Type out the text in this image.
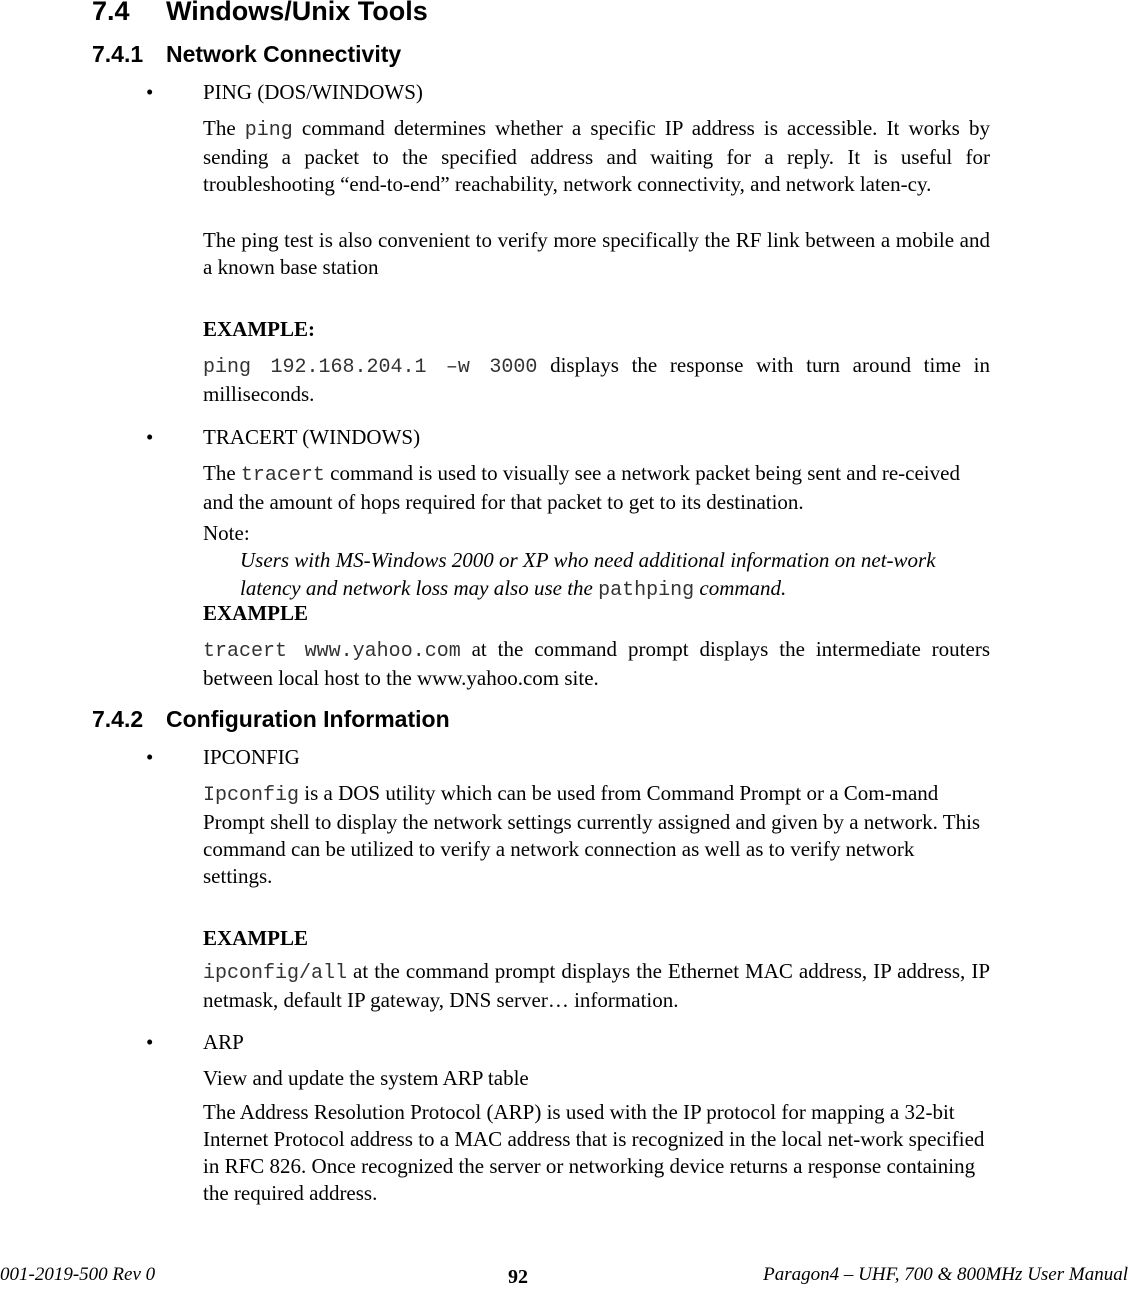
7.4 Windows/Unix Tools
7.4.1 Network Connectivity
• PING (DOS/WINDOWS)
The ping command determines whether a specific IP address is accessible. It works by sending a packet to the specified address and waiting for a reply. It is useful for troubleshooting “end-to-end” reachability, network connectivity, and network laten-cy.
The ping test is also convenient to verify more specifically the RF link between a mobile and a known base station
EXAMPLE:
ping 192.168.204.1 –w 3000 displays the response with turn around time in milliseconds.
• TRACERT (WINDOWS)
The tracert command is used to visually see a network packet being sent and re-ceived and the amount of hops required for that packet to get to its destination.
Note:
Users with MS-Windows 2000 or XP who need additional information on net-work latency and network loss may also use the pathping command.
EXAMPLE
tracert www.yahoo.com at the command prompt displays the intermediate routers between local host to the www.yahoo.com site.
7.4.2 Configuration Information
• IPCONFIG
Ipconfig is a DOS utility which can be used from Command Prompt or a Com-mand Prompt shell to display the network settings currently assigned and given by a network. This command can be utilized to verify a network connection as well as to verify network settings.
EXAMPLE
ipconfig/all at the command prompt displays the Ethernet MAC address, IP address, IP netmask, default IP gateway, DNS server… information.
• ARP
View and update the system ARP table
The Address Resolution Protocol (ARP) is used with the IP protocol for mapping a 32-bit Internet Protocol address to a MAC address that is recognized in the local net-work specified in RFC 826. Once recognized the server or networking device returns a response containing the required address.
001-2019-500 Rev 0	92	Paragon4 – UHF, 700 & 800MHz User Manual
